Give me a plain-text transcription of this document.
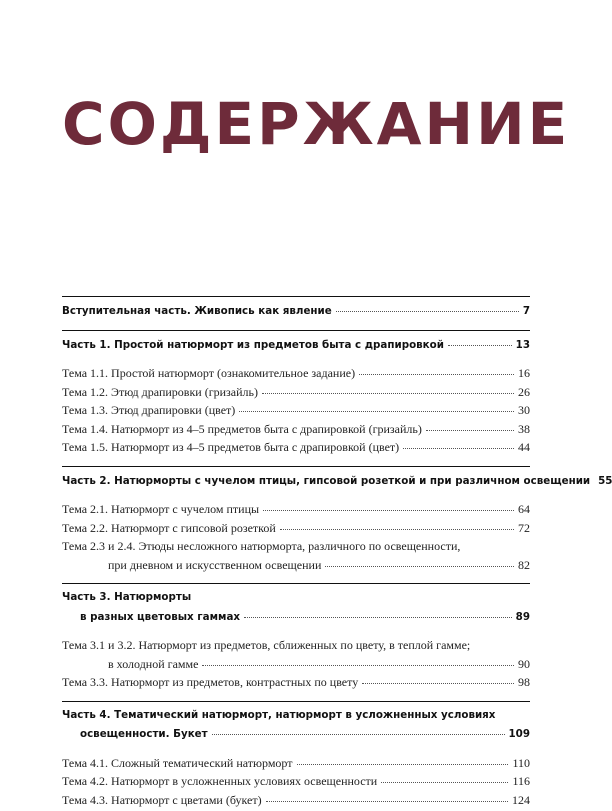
СОДЕРЖАНИЕ
Вступительная часть. Живопись как явление	7
Часть 1. Простой натюрморт из предметов быта с драпировкой	13
Тема 1.1. Простой натюрморт (ознакомительное задание)	16
Тема 1.2. Этюд драпировки (гризайль)	26
Тема 1.3. Этюд драпировки (цвет)	30
Тема 1.4. Натюрморт из 4–5 предметов быта с драпировкой (гризайль)	38
Тема 1.5. Натюрморт из 4–5 предметов быта с драпировкой (цвет)	44
Часть 2. Натюрморты с чучелом птицы, гипсовой розеткой и при различном освещении 55
Тема 2.1. Натюрморт с чучелом птицы	64
Тема 2.2. Натюрморт с гипсовой розеткой	72
Тема 2.3 и 2.4. Этюды несложного натюрморта, различного по освещенности,
при дневном и искусственном освещении	82
Часть 3. Натюрморты
в разных цветовых гаммах	89
Тема 3.1 и 3.2. Натюрморт из предметов, сближенных по цвету, в теплой гамме;
в холодной гамме	90
Тема 3.3. Натюрморт из предметов, контрастных по цвету	98
Часть 4. Тематический натюрморт, натюрморт в усложненных условиях
освещенности. Букет	109
Тема 4.1. Сложный тематический натюрморт	110
Тема 4.2. Натюрморт в усложненных условиях освещенности	116
Тема 4.3. Натюрморт с цветами (букет)	124
